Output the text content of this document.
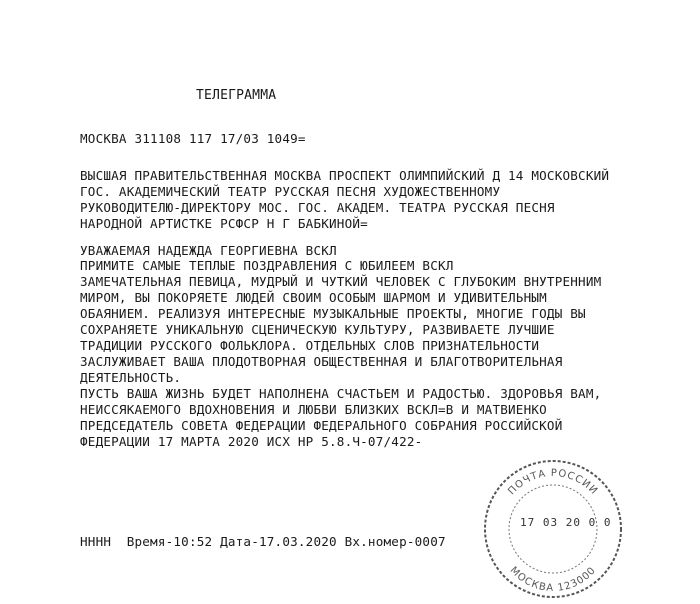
ТЕЛЕГРАММА
МОСКВА 311108 117 17/03 1049=
ВЫСШАЯ ПРАВИТЕЛЬСТВЕННАЯ МОСКВА ПРОСПЕКТ ОЛИМПИЙСКИЙ Д 14 МОСКОВСКИЙ
ГОС. АКАДЕМИЧЕСКИЙ ТЕАТР РУССКАЯ ПЕСНЯ ХУДОЖЕСТВЕННОМУ
РУКОВОДИТЕЛЮ-ДИРЕКТОРУ МОС. ГОС. АКАДЕМ. ТЕАТРА РУССКАЯ ПЕСНЯ
НАРОДНОЙ АРТИСТКЕ РСФСР Н Г БАБКИНОЙ=
УВАЖАЕМАЯ НАДЕЖДА ГЕОРГИЕВНА ВСКЛ
ПРИМИТЕ САМЫЕ ТЕПЛЫЕ ПОЗДРАВЛЕНИЯ С ЮБИЛЕЕМ ВСКЛ
ЗАМЕЧАТЕЛЬНАЯ ПЕВИЦА, МУДРЫЙ И ЧУТКИЙ ЧЕЛОВЕК С ГЛУБОКИМ ВНУТРЕННИМ
МИРОМ, ВЫ ПОКОРЯЕТЕ ЛЮДЕЙ СВОИМ ОСОБЫМ ШАРМОМ И УДИВИТЕЛЬНЫМ
ОБАЯНИЕМ. РЕАЛИЗУЯ ИНТЕРЕСНЫЕ МУЗЫКАЛЬНЫЕ ПРОЕКТЫ, МНОГИЕ ГОДЫ ВЫ
СОХРАНЯЕТЕ УНИКАЛЬНУЮ СЦЕНИЧЕСКУЮ КУЛЬТУРУ, РАЗВИВАЕТЕ ЛУЧШИЕ
ТРАДИЦИИ РУССКОГО ФОЛЬКЛОРА. ОТДЕЛЬНЫХ СЛОВ ПРИЗНАТЕЛЬНОСТИ
ЗАСЛУЖИВАЕТ ВАША ПЛОДОТВОРНАЯ ОБЩЕСТВЕННАЯ И БЛАГОТВОРИТЕЛЬНАЯ
ДЕЯТЕЛЬНОСТЬ.
ПУСТЬ ВАША ЖИЗНЬ БУДЕТ НАПОЛНЕНА СЧАСТЬЕМ И РАДОСТЬЮ. ЗДОРОВЬЯ ВАМ,
НЕИССЯКАЕМОГО ВДОХНОВЕНИЯ И ЛЮБВИ БЛИЗКИХ ВСКЛ=В И МАТВИЕНКО
ПРЕДСЕДАТЕЛЬ СОВЕТА ФЕДЕРАЦИИ ФЕДЕРАЛЬНОГО СОБРАНИЯ РОССИЙСКОЙ
ФЕДЕРАЦИИ 17 МАРТА 2020 ИСХ НР 5.8.Ч-07/422-
НННН  Время-10:52 Дата-17.03.2020 Вх.номер-0007
ПОЧТА РОССИИ
МОСКВА 123000
17 03 20 0 0
